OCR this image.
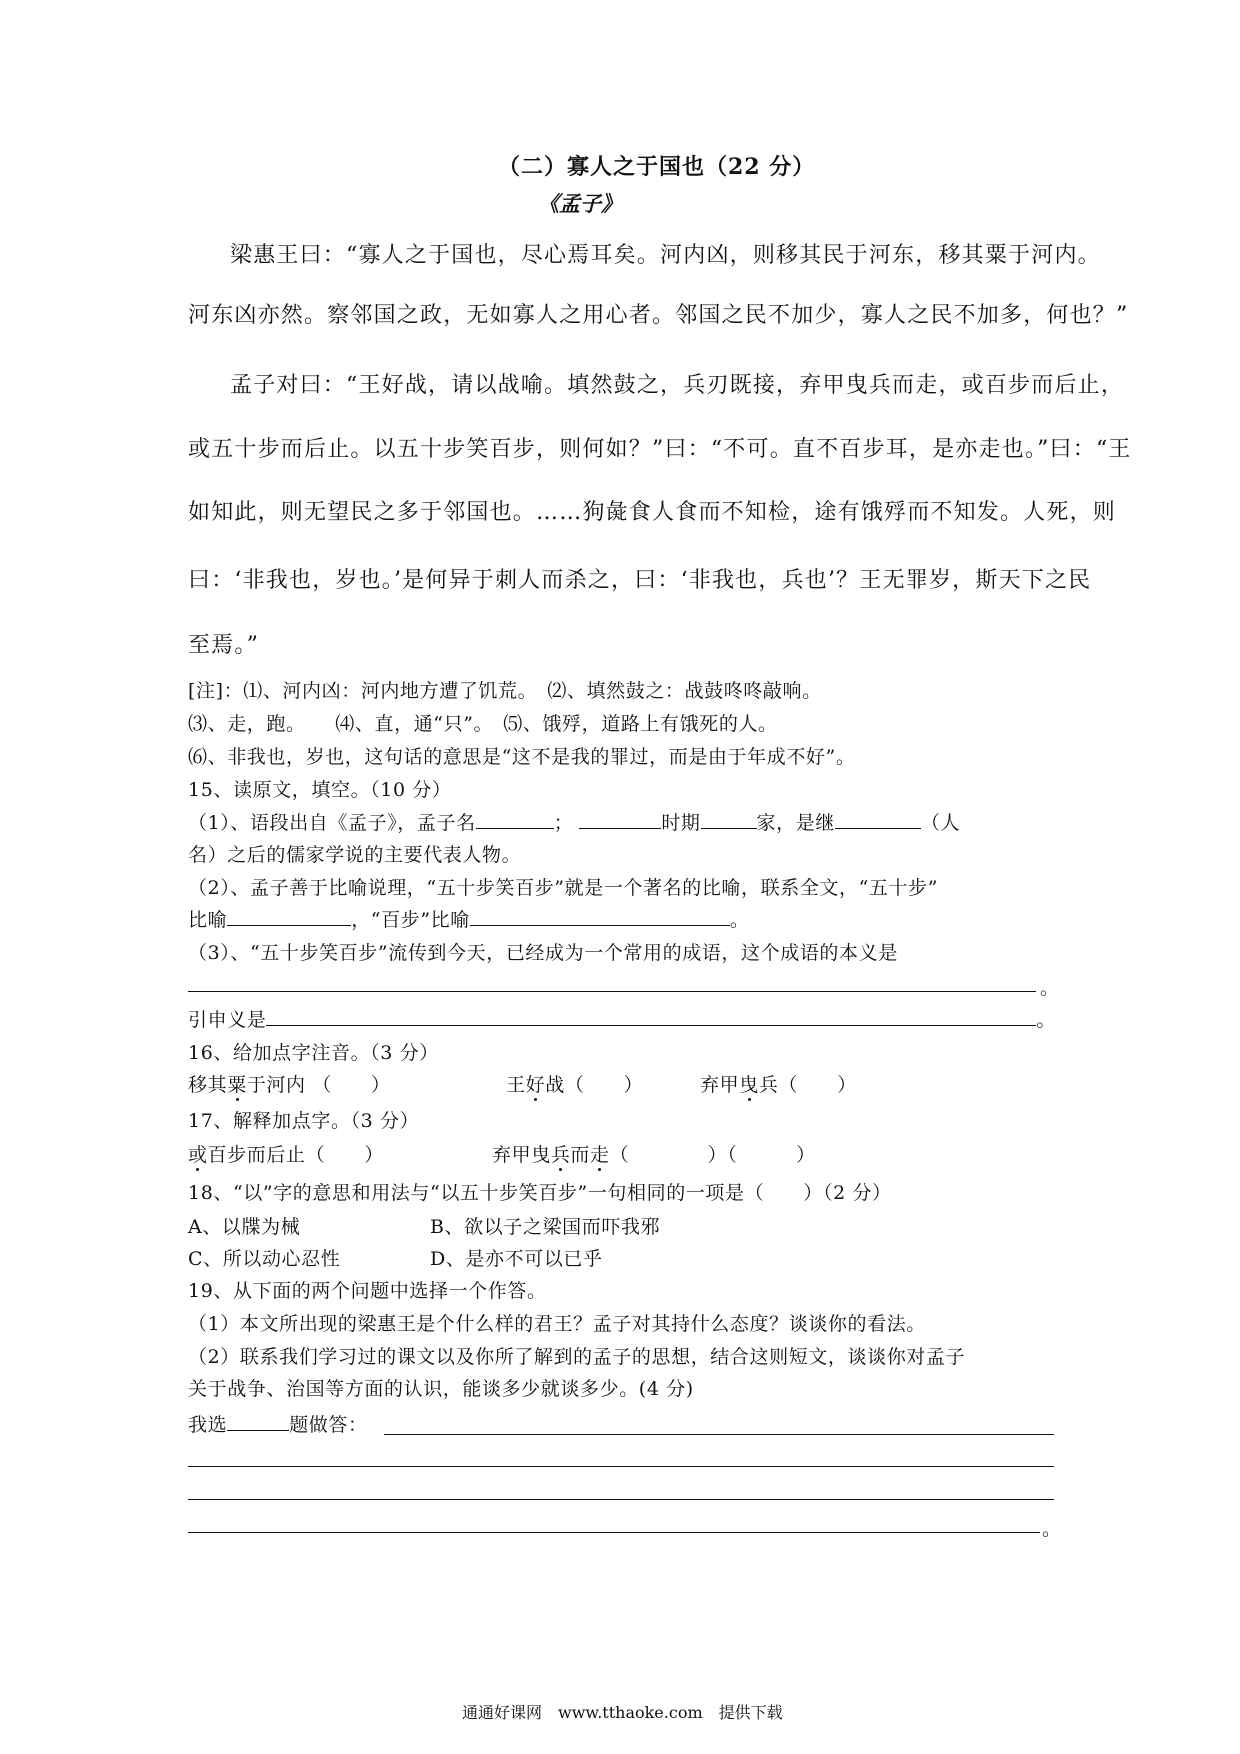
（二）寡人之于国也（22 分）
《孟子》
梁惠王曰：“寡人之于国也，尽心焉耳矣。河内凶，则移其民于河东，移其粟于河内。
河东凶亦然。察邻国之政，无如寡人之用心者。邻国之民不加少，寡人之民不加多，何也？”
孟子对曰：“王好战，请以战喻。填然鼓之，兵刃既接，弃甲曳兵而走，或百步而后止，
或五十步而后止。以五十步笑百步，则何如？”曰：“不可。直不百步耳，是亦走也。”曰：“王
如知此，则无望民之多于邻国也。……狗彘食人食而不知检，途有饿殍而不知发。人死，则
曰：‘非我也，岁也。’是何异于刺人而杀之，曰：‘非我也，兵也’？王无罪岁，斯天下之民
至焉。”
[注]：⑴、河内凶：河内地方遭了饥荒。　⑵、填然鼓之：战鼓咚咚敲响。
⑶、走，跑。　　⑷、直，通“只”。　⑸、饿殍，道路上有饿死的人。
⑹、非我也，岁也，这句话的意思是“这不是我的罪过，而是由于年成不好”。
15、读原文，填空。（10 分）
（1）、语段出自《孟子》，孟子名	；	时期	家，是继	（人
名）之后的儒家学说的主要代表人物。
（2）、孟子善于比喻说理，“五十步笑百步”就是一个著名的比喻，联系全文，“五十步”
比喻	，“百步”比喻	。
（3）、“五十步笑百步”流传到今天，已经成为一个常用的成语，这个成语的本义是
。
引申义是	。
16、给加点字注音。（3 分）
移其粟于河内 （　　）	王好战（　　）	弃甲曳兵（　　）
17、解释加点字。（3 分）
或百步而后止（　　）	弃甲曳兵而走（　　　　）（　　　）
18、“以”字的意思和用法与“以五十步笑百步”一句相同的一项是（　　）（2 分）
A、以牒为械	B、欲以子之梁国而吓我邪
C、所以动心忍性	D、是亦不可以已乎
19、从下面的两个问题中选择一个作答。
（1）本文所出现的梁惠王是个什么样的君王？孟子对其持什么态度？谈谈你的看法。
（2）联系我们学习过的课文以及你所了解到的孟子的思想，结合这则短文，谈谈你对孟子
关于战争、治国等方面的认识，能谈多少就谈多少。(4 分)
我选	题做答：
。
通通好课网　www.tthaoke.com　提供下载
